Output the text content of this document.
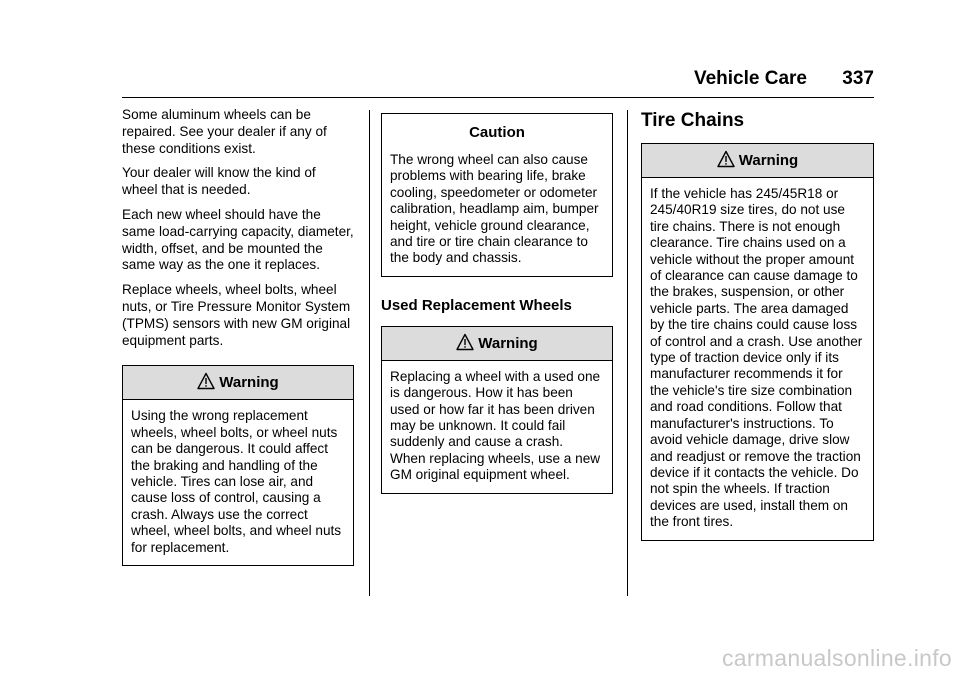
Vehicle Care 337

Some aluminum wheels can be repaired. See your dealer if any of these conditions exist.

Your dealer will know the kind of wheel that is needed.

Each new wheel should have the same load-carrying capacity, diameter, width, offset, and be mounted the same way as the one it replaces.

Replace wheels, wheel bolts, wheel nuts, or Tire Pressure Monitor System (TPMS) sensors with new GM original equipment parts.

Warning
Using the wrong replacement wheels, wheel bolts, or wheel nuts can be dangerous. It could affect the braking and handling of the vehicle. Tires can lose air, and cause loss of control, causing a crash. Always use the correct wheel, wheel bolts, and wheel nuts for replacement.
Caution
The wrong wheel can also cause problems with bearing life, brake cooling, speedometer or odometer calibration, headlamp aim, bumper height, vehicle ground clearance, and tire or tire chain clearance to the body and chassis.
Used Replacement Wheels
Warning
Replacing a wheel with a used one is dangerous. How it has been used or how far it has been driven may be unknown. It could fail suddenly and cause a crash. When replacing wheels, use a new GM original equipment wheel.
Tire Chains
Warning
If the vehicle has 245/45R18 or 245/40R19 size tires, do not use tire chains. There is not enough clearance. Tire chains used on a vehicle without the proper amount of clearance can cause damage to the brakes, suspension, or other vehicle parts. The area damaged by the tire chains could cause loss of control and a crash. Use another type of traction device only if its manufacturer recommends it for the vehicle's tire size combination and road conditions. Follow that manufacturer's instructions. To avoid vehicle damage, drive slow and readjust or remove the traction device if it contacts the vehicle. Do not spin the wheels. If traction devices are used, install them on the front tires.
carmanualsonline.info
